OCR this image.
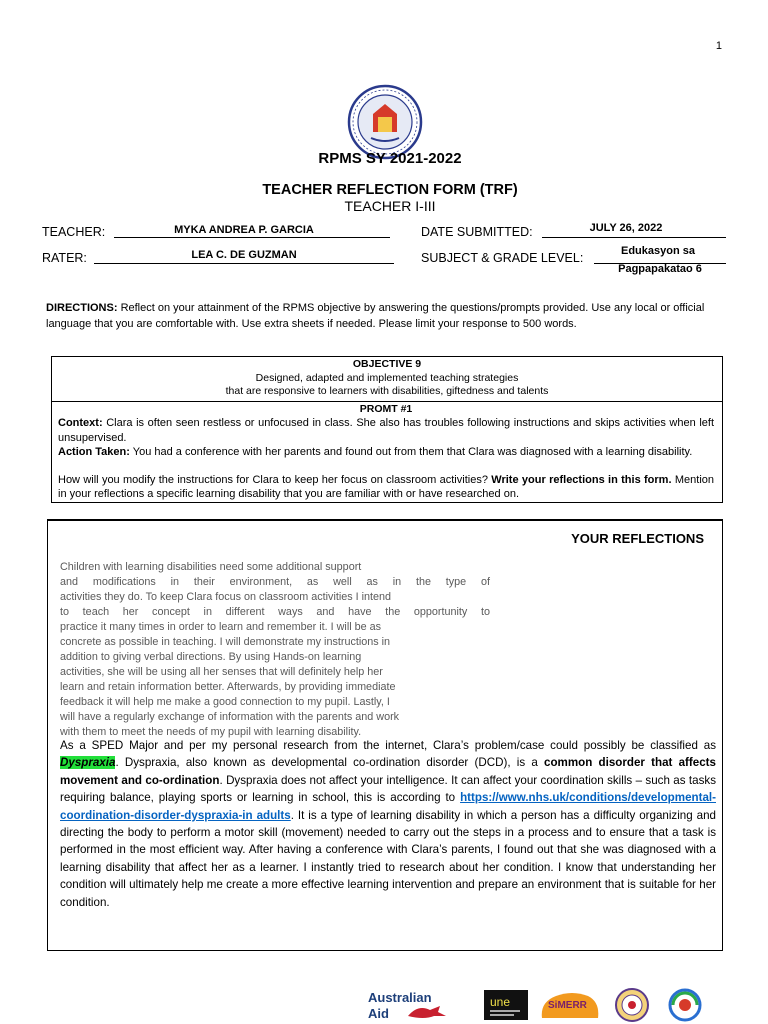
1
RPMS SY 2021-2022
TEACHER REFLECTION FORM (TRF)
TEACHER I-III
TEACHER:	MYKA ANDREA P. GARCIA
RATER:	LEA C. DE GUZMAN
DATE SUBMITTED:	JULY 26, 2022
SUBJECT & GRADE LEVEL:	Edukasyon sa
Pagpapakatao 6
DIRECTIONS: Reflect on your attainment of the RPMS objective by answering the questions/prompts provided. Use any local or official language that you are comfortable with. Use extra sheets if needed. Please limit your response to 500 words.
OBJECTIVE 9
Designed, adapted and implemented teaching strategies
that are responsive to learners with disabilities, giftedness and talents
PROMT #1

Context: Clara is often seen restless or unfocused in class. She also has troubles following instructions and skips activities when left unsupervised.

Action Taken: You had a conference with her parents and found out from them that Clara was diagnosed with a learning disability.

How will you modify the instructions for Clara to keep her focus on classroom activities? Write your reflections in this form. Mention in your reflections a specific learning disability that you are familiar with or have researched on.

YOUR REFLECTIONS
Children with learning disabilities need some additional support
and modifications in their environment, as well as in the type of
activities they do. To keep Clara focus on classroom activities I intend
to teach her concept in different ways and have the opportunity to
practice it many times in order to learn and remember it. I will be as
concrete as possible in teaching. I will demonstrate my instructions in
addition to giving verbal directions. By using Hands-on learning
activities, she will be using all her senses that will definitely help her
learn and retain information better. Afterwards, by providing immediate
feedback it will help me make a good connection to my pupil. Lastly, I
will have a regularly exchange of information with the parents and work
with them to meet the needs of my pupil with learning disability.
As a SPED Major and per my personal research from the internet, Clara’s problem/case could possibly be classified as Dyspraxia. Dyspraxia, also known as developmental co-ordination disorder (DCD), is a common disorder that affects movement and co-ordination. Dyspraxia does not affect your intelligence. It can affect your coordination skills – such as tasks requiring balance, playing sports or learning in school, this is according to https://www.nhs.uk/conditions/developmental-coordination-disorder-dyspraxia-in adults. It is a type of learning disability in which a person has a difficulty organizing and directing the body to perform a motor skill (movement) needed to carry out the steps in a process and to ensure that a task is performed in the most efficient way. After having a conference with Clara’s parents, I found out that she was diagnosed with a learning disability that affect her as a learner. I instantly tried to research about her condition. I know that understanding her condition will ultimately help me create a more effective learning intervention and prepare an environment that is suitable for her condition.
Australian
Aid
une	SiMERR
